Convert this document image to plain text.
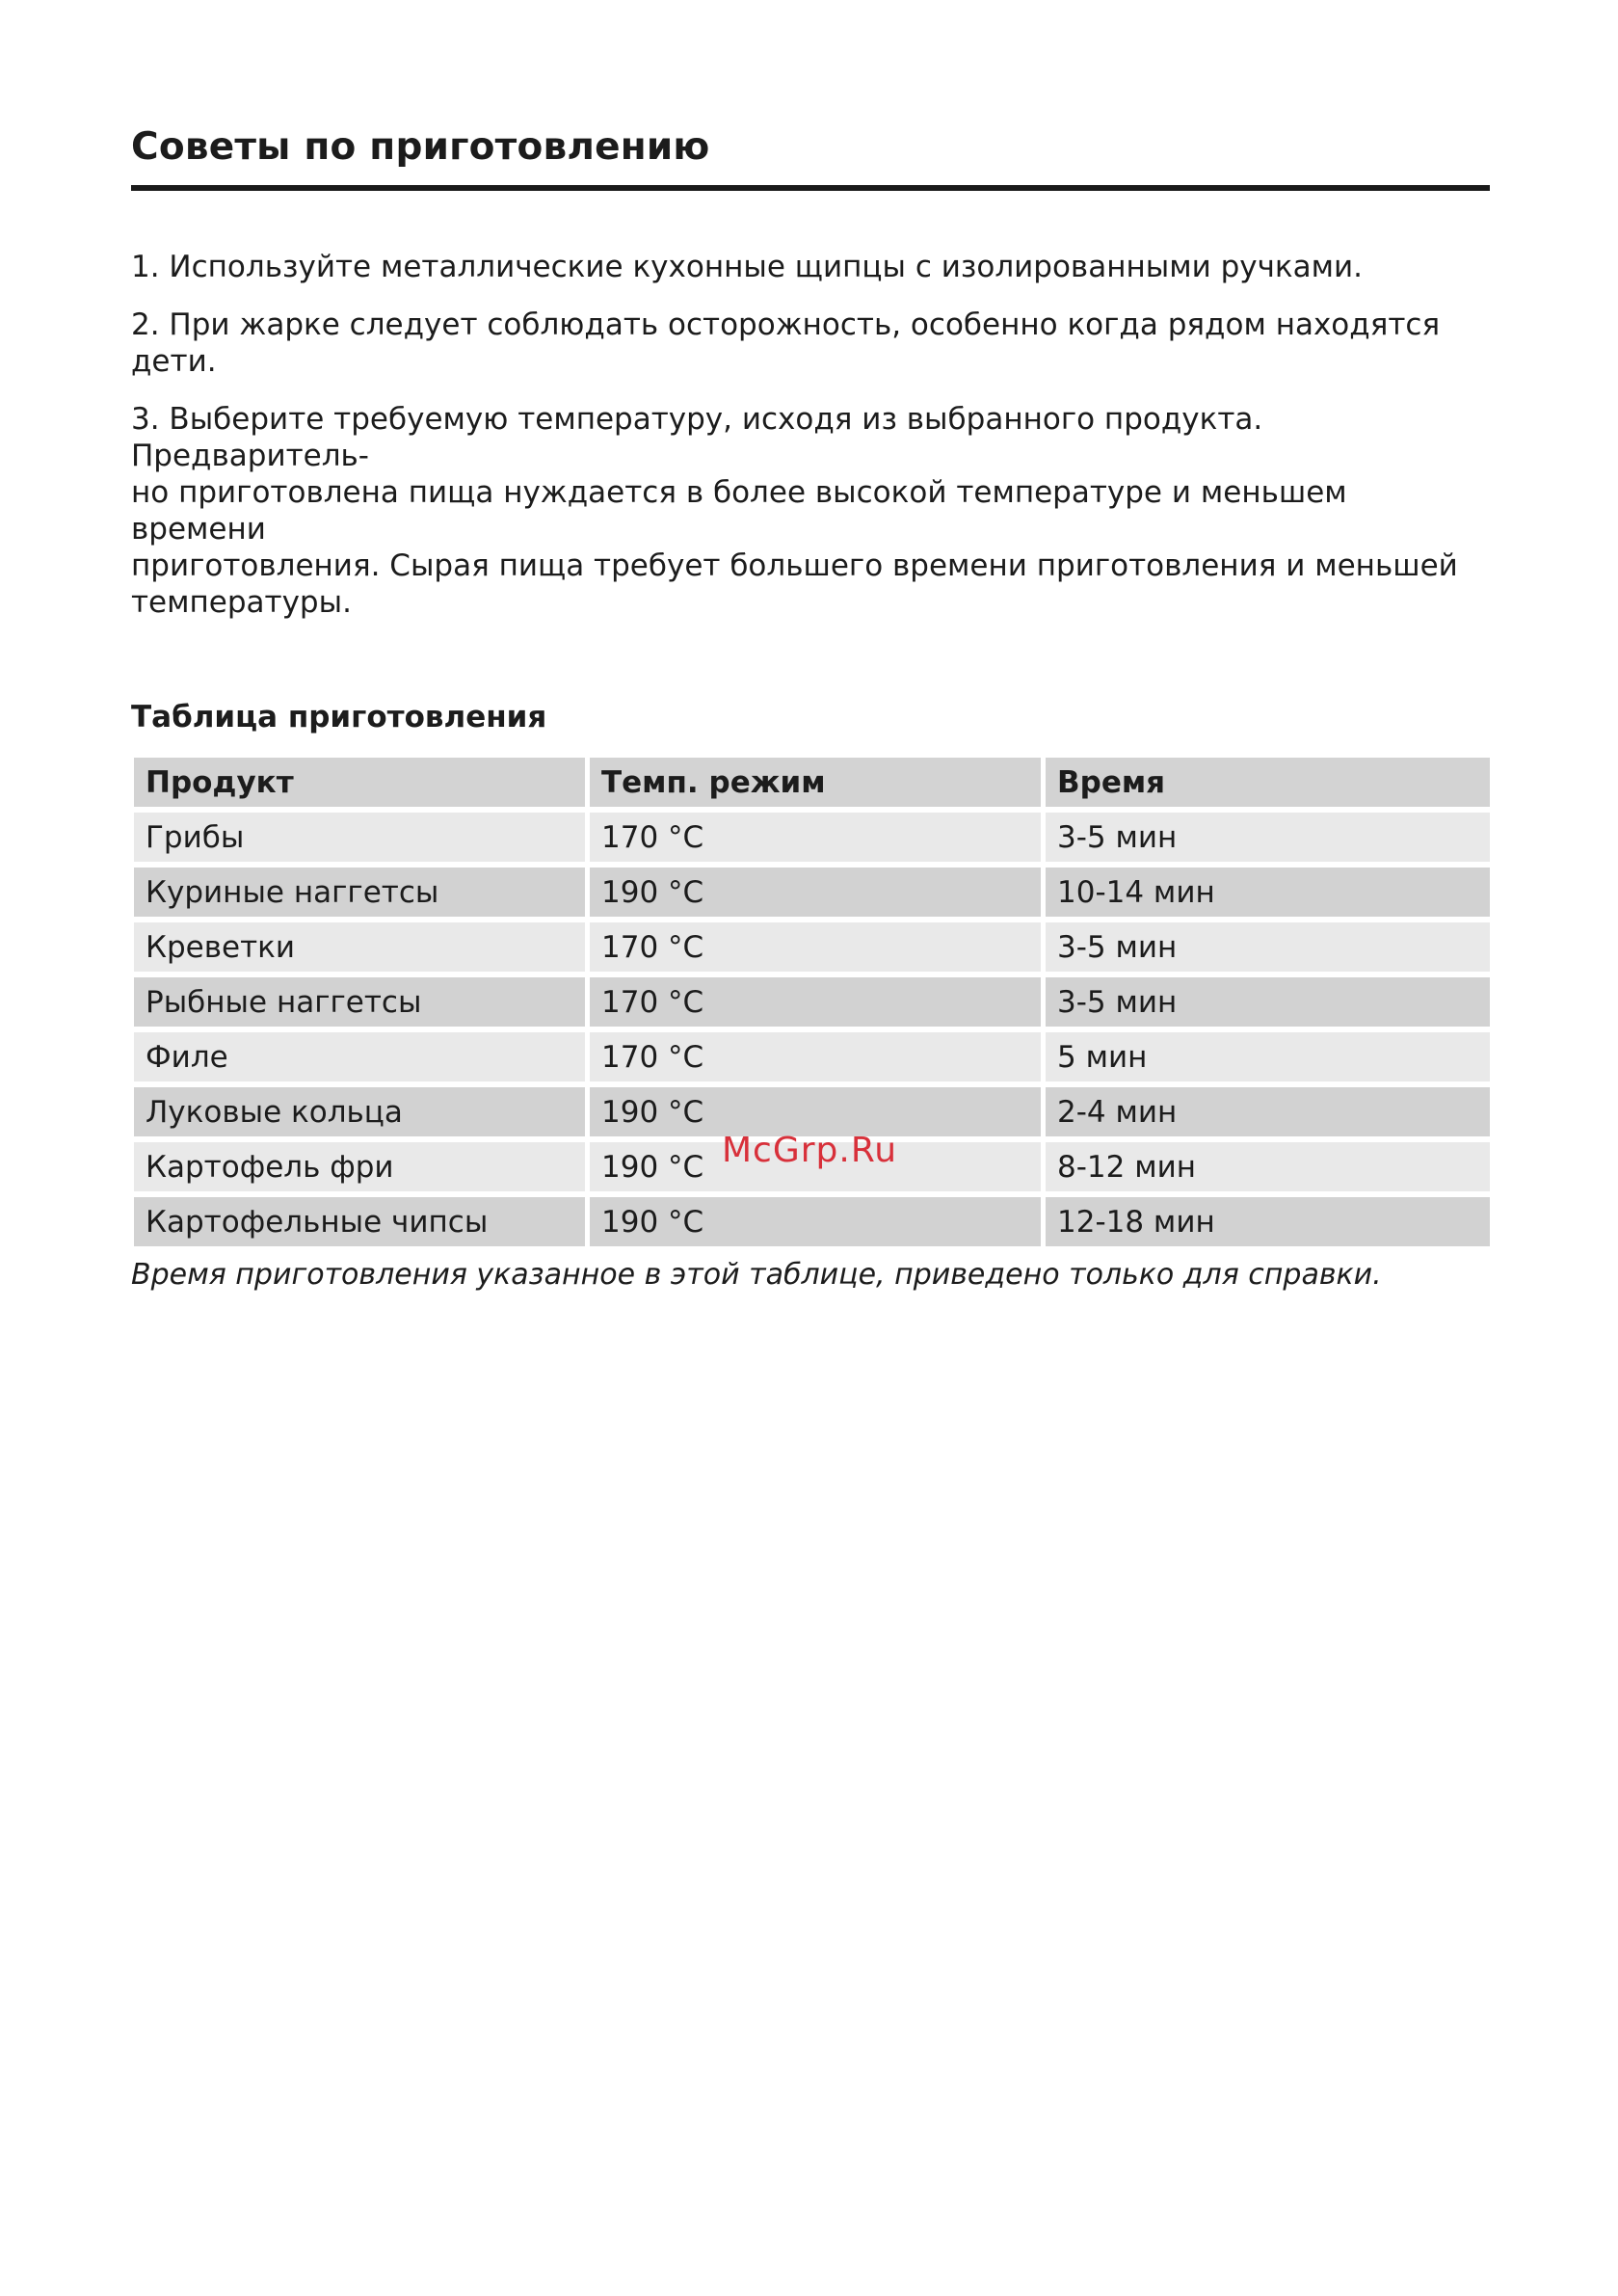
Советы по приготовлению

1. Используйте металлические кухонные щипцы с изолированными ручками.

2. При жарке следует соблюдать осторожность, особенно когда рядом находятся дети.

3. Выберите требуемую температуру, исходя из выбранного продукта. Предваритель-
но приготовлена пища нуждается в более высокой температуре и меньшем времени
приготовления. Сырая пища требует большего времени приготовления и меньшей
температуры.

Таблица приготовления
Продукт	Темп. режим	Время
Грибы	170 °C	3-5 мин
Куриные наггетсы	190 °C	10-14 мин
Креветки	170 °C	3-5 мин
Рыбные наггетсы	170 °C	3-5 мин
Филе	170 °C	5 мин
Луковые кольца	190 °C	2-4 мин
Картофель фри	190 °C	8-12 мин
Картофельные чипсы	190 °C	12-18 мин
Время приготовления указанное в этой таблице, приведено только для справки.
McGrp.Ru
